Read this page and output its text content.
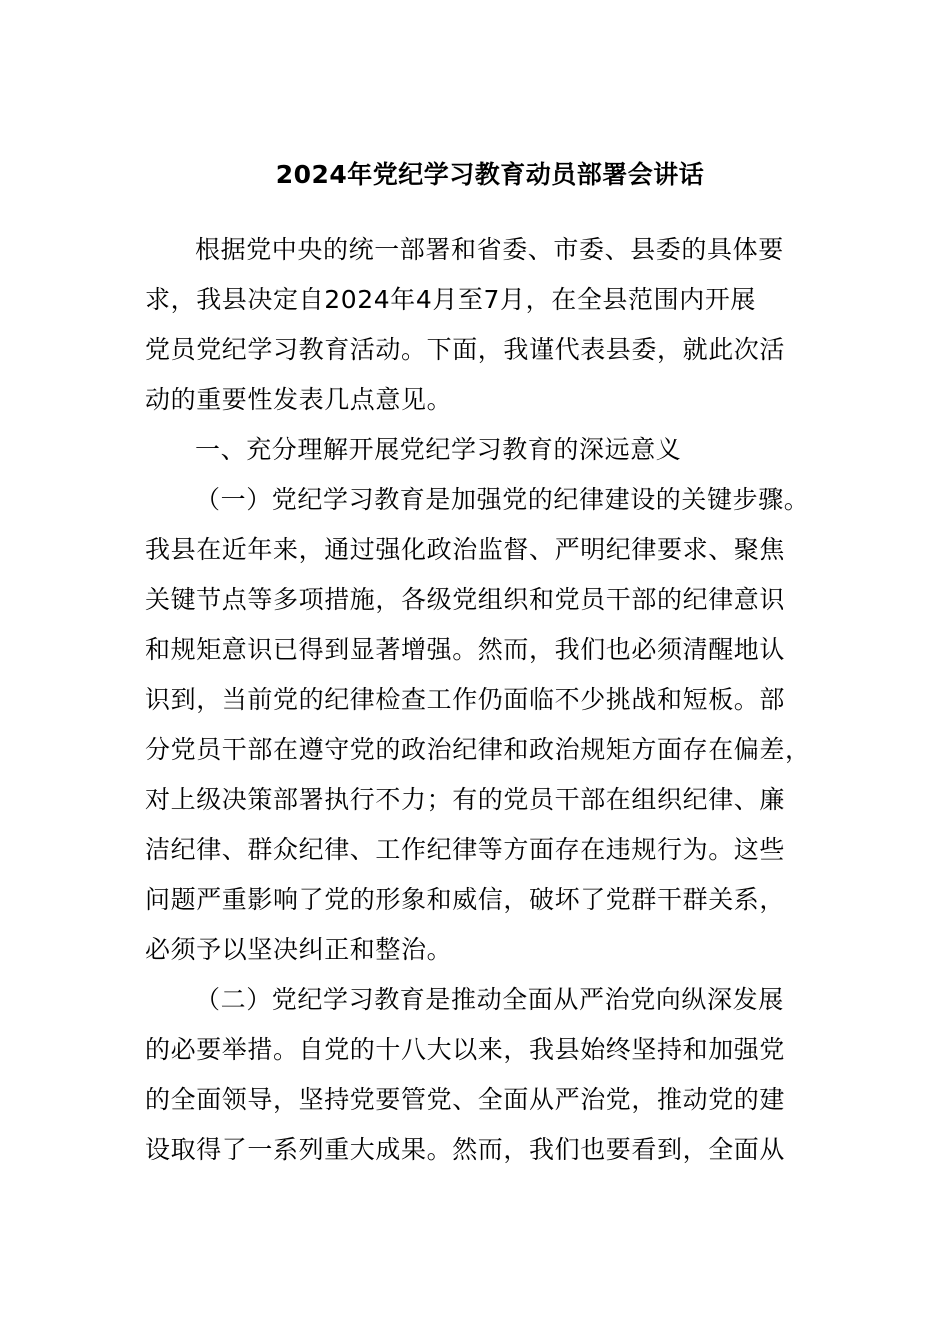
2024年党纪学习教育动员部署会讲话
根据党中央的统一部署和省委、市委、县委的具体要
求，我县决定自2024年4月至7月，在全县范围内开展
党员党纪学习教育活动。下面，我谨代表县委，就此次活
动的重要性发表几点意见。
一、充分理解开展党纪学习教育的深远意义
（一）党纪学习教育是加强党的纪律建设的关键步骤。
我县在近年来，通过强化政治监督、严明纪律要求、聚焦
关键节点等多项措施，各级党组织和党员干部的纪律意识
和规矩意识已得到显著增强。然而，我们也必须清醒地认
识到，当前党的纪律检查工作仍面临不少挑战和短板。部
分党员干部在遵守党的政治纪律和政治规矩方面存在偏差，
对上级决策部署执行不力；有的党员干部在组织纪律、廉
洁纪律、群众纪律、工作纪律等方面存在违规行为。这些
问题严重影响了党的形象和威信，破坏了党群干群关系，
必须予以坚决纠正和整治。
（二）党纪学习教育是推动全面从严治党向纵深发展
的必要举措。自党的十八大以来，我县始终坚持和加强党
的全面领导，坚持党要管党、全面从严治党，推动党的建
设取得了一系列重大成果。然而，我们也要看到，全面从
